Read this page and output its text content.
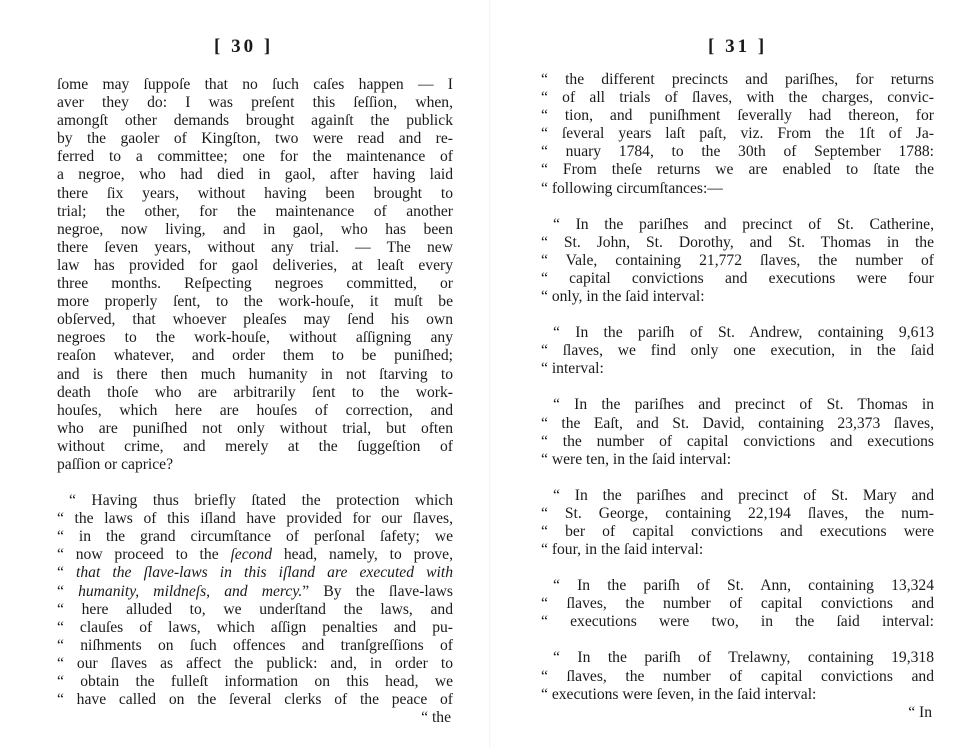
[ 30 ]
ſome may ſuppoſe that no ſuch caſes happen — I
aver they do: I was preſent this ſeſſion, when,
amongſt other demands brought againſt the publick
by the gaoler of Kingſton, two were read and re-
ferred to a committee; one for the maintenance of
a negroe, who had died in gaol, after having laid
there ſix years, without having been brought to
trial; the other, for the maintenance of another
negroe, now living, and in gaol, who has been
there ſeven years, without any trial. — The new
law has provided for gaol deliveries, at leaſt every
three months. Reſpecting negroes committed, or
more properly ſent, to the work-houſe, it muſt be
obſerved, that whoever pleaſes may ſend his own
negroes to the work-houſe, without aſſigning any
reaſon whatever, and order them to be puniſhed;
and is there then much humanity in not ſtarving to
death thoſe who are arbitrarily ſent to the work-
houſes, which here are houſes of correction, and
who are puniſhed not only without trial, but often
without crime, and merely at the ſuggeſtion of
paſſion or caprice?
“ Having thus briefly ſtated the protection which
“ the laws of this iſland have provided for our ſlaves,
“ in the grand circumſtance of perſonal ſafety; we
“ now proceed to the ſecond head, namely, to prove,
“ that the ſlave-laws in this iſland are executed with
“ humanity, mildneſs, and mercy.” By the ſlave-laws
“ here alluded to, we underſtand the laws, and
“ clauſes of laws, which aſſign penalties and pu-
“ niſhments on ſuch offences and tranſgreſſions of
“ our ſlaves as affect the publick: and, in order to
“ obtain the fulleſt information on this head, we
“ have called on the ſeveral clerks of the peace of
“ the
[ 31 ]
“ the different precincts and pariſhes, for returns
“ of all trials of ſlaves, with the charges, convic-
“ tion, and puniſhment ſeverally had thereon, for
“ ſeveral years laſt paſt, viz. From the 1ſt of Ja-
“ nuary 1784, to the 30th of September 1788:
“ From theſe returns we are enabled to ſtate the
“ following circumſtances:—
“ In the pariſhes and precinct of St. Catherine,
“ St. John, St. Dorothy, and St. Thomas in the
“ Vale, containing 21,772 ſlaves, the number of
“ capital convictions and executions were four
“ only, in the ſaid interval:
“ In the pariſh of St. Andrew, containing 9,613
“ ſlaves, we find only one execution, in the ſaid
“ interval:
“ In the pariſhes and precinct of St. Thomas in
“ the Eaſt, and St. David, containing 23,373 ſlaves,
“ the number of capital convictions and executions
“ were ten, in the ſaid interval:
“ In the pariſhes and precinct of St. Mary and
“ St. George, containing 22,194 ſlaves, the num-
“ ber of capital convictions and executions were
“ four, in the ſaid interval:
“ In the pariſh of St. Ann, containing 13,324
“ ſlaves, the number of capital convictions and
“ executions were two, in the ſaid interval:
“ In the pariſh of Trelawny, containing 19,318
“ ſlaves, the number of capital convictions and
“ executions were ſeven, in the ſaid interval:
“ In
